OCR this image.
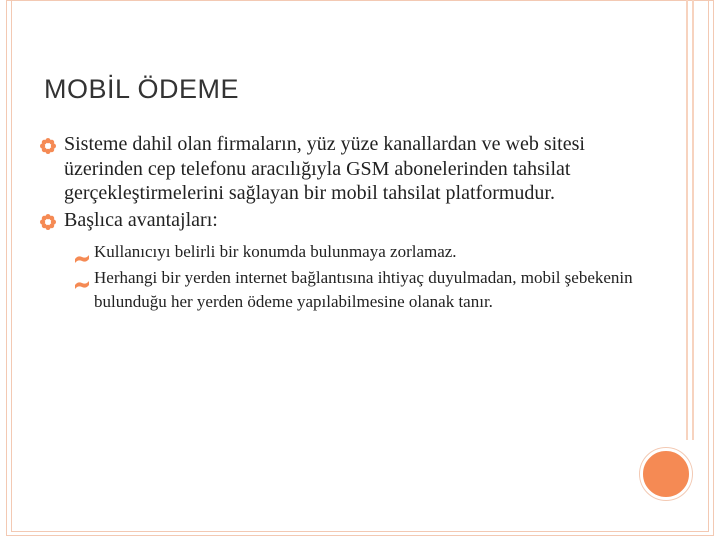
MOBİL ÖDEME
Sisteme dahil olan firmaların, yüz yüze kanallardan ve web sitesi üzerinden cep telefonu aracılığıyla GSM abonelerinden tahsilat gerçekleştirmelerini sağlayan bir mobil tahsilat platformudur.
Başlıca avantajları:
Kullanıcıyı belirli bir konumda bulunmaya zorlamaz.
Herhangi bir yerden internet bağlantısına ihtiyaç duyulmadan, mobil şebekenin bulunduğu her yerden ödeme yapılabilmesine olanak tanır.
